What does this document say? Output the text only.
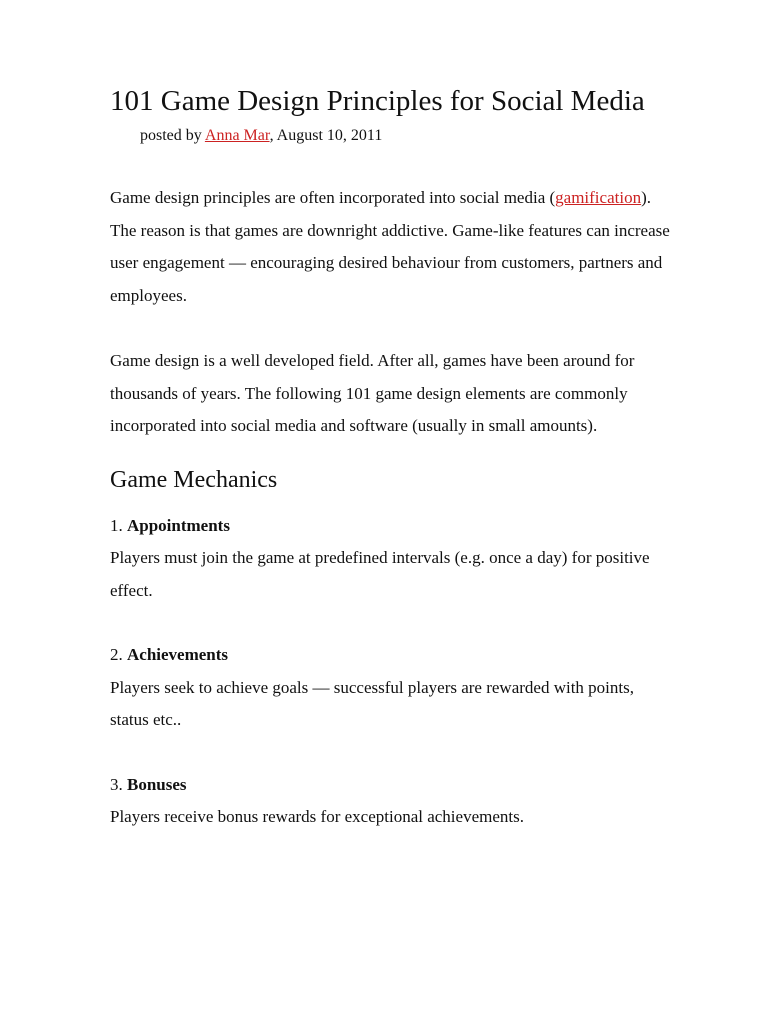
101 Game Design Principles for Social Media
posted by Anna Mar, August 10, 2011

Game design principles are often incorporated into social media (gamification). The reason is that games are downright addictive. Game-like features can increase user engagement — encouraging desired behaviour from customers, partners and employees.

Game design is a well developed field. After all, games have been around for thousands of years. The following 101 game design elements are commonly incorporated into social media and software (usually in small amounts).

Game Mechanics

1. Appointments

Players must join the game at predefined intervals (e.g. once a day) for positive effect.

2. Achievements

Players seek to achieve goals — successful players are rewarded with points, status etc..

3. Bonuses

Players receive bonus rewards for exceptional achievements.
